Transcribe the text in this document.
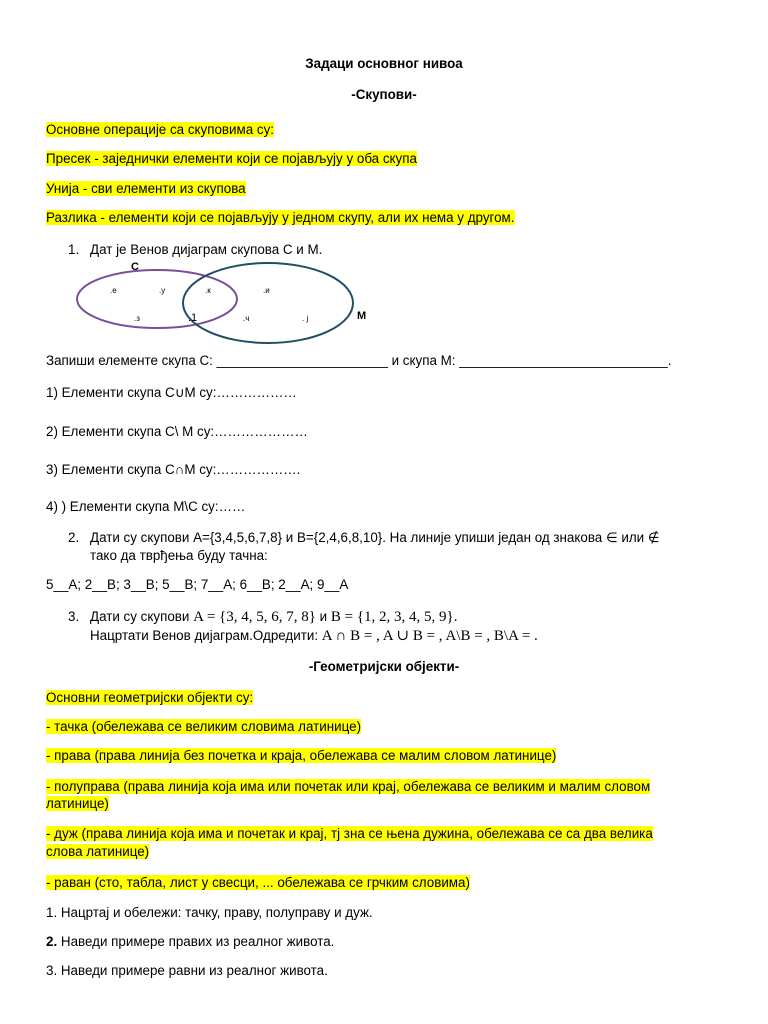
Задаци основног нивоа
-Скупови-
Основне операције са скуповима су:
Пресек - заједнички елементи који се појављују у оба скупа
Унија - сви елементи из скупова
Разлика - елементи који се појављују у једном скупу, али их нема у другом.
1. Дат је Венов дијаграм скупова C и M.
C
M
.е	.у	.к	.и
.з	.1	.ч	. ј
Запиши елементе скупа C: _______________________ и скупа M: ____________________________.
1) Елементи скупа C∪M су:………………
2) Елементи скупа C\ M су:…………………
3) Елементи скупа C∩M су:……………….
4) ) Елементи скупа M\C су:……
2. Дати су скупови A={3,4,5,6,7,8} и B={2,4,6,8,10}. На линије упиши један од знакова ∈ или ∉
тако да тврђења буду тачна:
5__A; 2__B; 3__B; 5__B; 7__A; 6__B; 2__A; 9__A
3. Дати су скупови A = {3, 4, 5, 6, 7, 8} и B = {1, 2, 3, 4, 5, 9}.
Нацртати Венов дијаграм.Одредити: A ∩ B = , A ∪ B = , A\B = , B\A = .
-Геометријски објекти-
Основни геометријски објекти су:
- тачка (обележава се великим словима латинице)
- права (права линија без почетка и краја, обележава се малим словом латинице)
- полуправа (права линија која има или почетак или крај, обележава се великим и малим словом
латинице)
- дуж (права линија која има и почетак и крај, тј зна се њена дужина, обележава се са два велика
слова латинице)
- раван (сто, табла, лист у свесци, ... обележава се грчким словима)
1. Нацртај и обележи: тачку, праву, полуправу и дуж.
2. Наведи примере правих из реалног живота.
3. Наведи примере равни из реалног живота.
